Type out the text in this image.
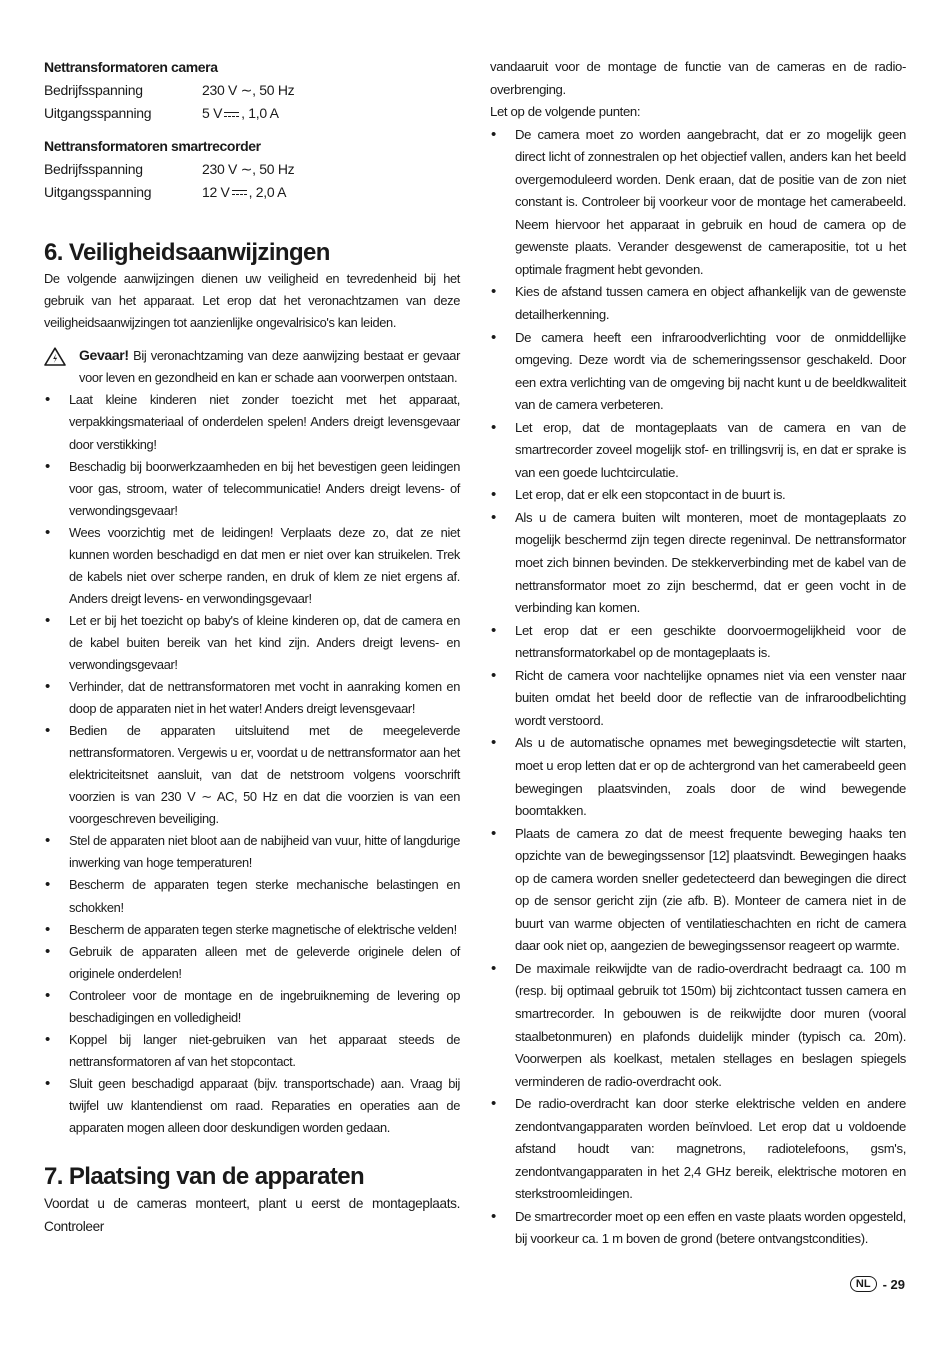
Nettransformatoren camera
Bedrijfsspanning	230 V ∼, 50 Hz
Uitgangsspanning	5 V , 1,0 A
Nettransformatoren smartrecorder
Bedrijfsspanning	230 V ∼, 50 Hz
Uitgangsspanning	12 V , 2,0 A
6. Veiligheidsaanwijzingen

De volgende aanwijzingen dienen uw veiligheid en tevredenheid bij het gebruik van het apparaat. Let erop dat het veronachtzamen van deze veiligheidsaanwijzingen tot aanzienlijke ongevalrisico's kan leiden.

Gevaar! Bij veronachtzaming van deze aanwijzing bestaat er gevaar voor leven en gezondheid en kan er schade aan voorwerpen ontstaan.
• Laat kleine kinderen niet zonder toezicht met het apparaat, verpakkingsmateriaal of onderdelen spelen! Anders dreigt levensgevaar door verstikking!
• Beschadig bij boorwerkzaamheden en bij het bevestigen geen leidingen voor gas, stroom, water of telecommunicatie! Anders dreigt levens- of verwondingsgevaar!
• Wees voorzichtig met de leidingen! Verplaats deze zo, dat ze niet kunnen worden beschadigd en dat men er niet over kan struikelen. Trek de kabels niet over scherpe randen, en druk of klem ze niet ergens af. Anders dreigt levens- en verwondingsgevaar!
• Let er bij het toezicht op baby's of kleine kinderen op, dat de camera en de kabel buiten bereik van het kind zijn. Anders dreigt levens- en verwondingsgevaar!
• Verhinder, dat de nettransformatoren met vocht in aanraking komen en doop de apparaten niet in het water! Anders dreigt levensgevaar!
• Bedien de apparaten uitsluitend met de meegeleverde nettransformatoren. Vergewis u er, voordat u de nettransformator aan het elektriciteitsnet aansluit, van dat de netstroom volgens voorschrift voorzien is van 230 V ∼ AC, 50 Hz en dat die voorzien is van een voorgeschreven beveiliging.
• Stel de apparaten niet bloot aan de nabijheid van vuur, hitte of langdurige inwerking van hoge temperaturen!
• Bescherm de apparaten tegen sterke mechanische belastingen en schokken!
• Bescherm de apparaten tegen sterke magnetische of elektrische velden!
• Gebruik de apparaten alleen met de geleverde originele delen of originele onderdelen!
• Controleer voor de montage en de ingebruikneming de levering op beschadigingen en volledigheid!
• Koppel bij langer niet-gebruiken van het apparaat steeds de nettransformatoren af van het stopcontact.
• Sluit geen beschadigd apparaat (bijv. transportschade) aan. Vraag bij twijfel uw klantendienst om raad. Reparaties en operaties aan de apparaten mogen alleen door deskundigen worden gedaan.
7. Plaatsing van de apparaten
Voordat u de cameras monteert, plant u eerst de montageplaats. Controleer

vandaaruit voor de montage de functie van de cameras en de radio-overbrenging.

Let op de volgende punten:

• De camera moet zo worden aangebracht, dat er zo mogelijk geen direct licht of zonnestralen op het objectief vallen, anders kan het beeld overgemoduleerd worden. Denk eraan, dat de positie van de zon niet constant is. Controleer bij voorkeur voor de montage het camerabeeld. Neem hiervoor het apparaat in gebruik en houd de camera op de gewenste plaats. Verander desgewenst de camerapositie, tot u het optimale fragment hebt gevonden.
• Kies de afstand tussen camera en object afhankelijk van de gewenste detailherkenning.
• De camera heeft een infraroodverlichting voor de onmiddellijke omgeving. Deze wordt via de schemeringssensor geschakeld. Door een extra verlichting van de omgeving bij nacht kunt u de beeldkwaliteit van de camera verbeteren.
• Let erop, dat de montageplaats van de camera en van de smartrecorder zoveel mogelijk stof- en trillingsvrij is, en dat er sprake is van een goede luchtcirculatie.
• Let erop, dat er elk een stopcontact in de buurt is.
• Als u de camera buiten wilt monteren, moet de montageplaats zo mogelijk beschermd zijn tegen directe regeninval. De nettransformator moet zich binnen bevinden. De stekkerverbinding met de kabel van de nettransformator moet zo zijn beschermd, dat er geen vocht in de verbinding kan komen.
• Let erop dat er een geschikte doorvoermogelijkheid voor de nettransformatorkabel op de montageplaats is.
• Richt de camera voor nachtelijke opnames niet via een venster naar buiten omdat het beeld door de reflectie van de infraroodbelichting wordt verstoord.
• Als u de automatische opnames met bewegingsdetectie wilt starten, moet u erop letten dat er op de achtergrond van het camerabeeld geen bewegingen plaatsvinden, zoals door de wind bewegende boomtakken.
• Plaats de camera zo dat de meest frequente beweging haaks ten opzichte van de bewegingssensor [12] plaatsvindt. Bewegingen haaks op de camera worden sneller gedetecteerd dan bewegingen die direct op de sensor gericht zijn (zie afb. B). Monteer de camera niet in de buurt van warme objecten of ventilatieschachten en richt de camera daar ook niet op, aangezien de bewegingssensor reageert op warmte.
• De maximale reikwijdte van de radio-overdracht bedraagt ca. 100 m (resp. bij optimaal gebruik tot 150m) bij zichtcontact tussen camera en smartrecorder. In gebouwen is de reikwijdte door muren (vooral staalbetonmuren) en plafonds duidelijk minder (typisch ca. 20m). Voorwerpen als koelkast, metalen stellages en beslagen spiegels verminderen de radio-overdracht ook.
• De radio-overdracht kan door sterke elektrische velden en andere zendontvangapparaten worden beïnvloed. Let erop dat u voldoende afstand houdt van: magnetrons, radiotelefoons, gsm's, zendontvangapparaten in het 2,4 GHz bereik, elektrische motoren en sterkstroomleidingen.
• De smartrecorder moet op een effen en vaste plaats worden opgesteld, bij voorkeur ca. 1 m boven de grond (betere ontvangstcondities).
NL - 29
